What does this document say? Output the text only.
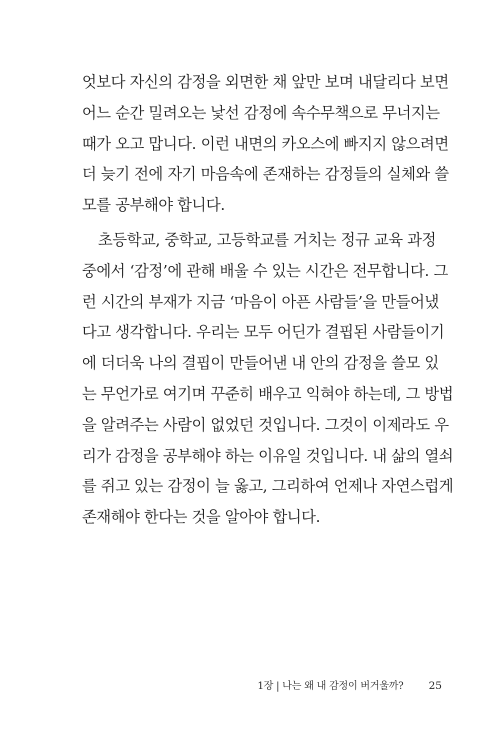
엇보다 자신의 감정을 외면한 채 앞만 보며 내달리다 보면
어느 순간 밀려오는 낯선 감정에 속수무책으로 무너지는
때가 오고 맙니다. 이런 내면의 카오스에 빠지지 않으려면
더 늦기 전에 자기 마음속에 존재하는 감정들의 실체와 쓸
모를 공부해야 합니다.
초등학교, 중학교, 고등학교를 거치는 정규 교육 과정
중에서 ‘감정’에 관해 배울 수 있는 시간은 전무합니다. 그
런 시간의 부재가 지금 ‘마음이 아픈 사람들’을 만들어냈
다고 생각합니다. 우리는 모두 어딘가 결핍된 사람들이기
에 더더욱 나의 결핍이 만들어낸 내 안의 감정을 쓸모 있
는 무언가로 여기며 꾸준히 배우고 익혀야 하는데, 그 방법
을 알려주는 사람이 없었던 것입니다. 그것이 이제라도 우
리가 감정을 공부해야 하는 이유일 것입니다. 내 삶의 열쇠
를 쥐고 있는 감정이 늘 옳고, 그리하여 언제나 자연스럽게
존재해야 한다는 것을 알아야 합니다.
1장 | 나는 왜 내 감정이 버거울까? 25
